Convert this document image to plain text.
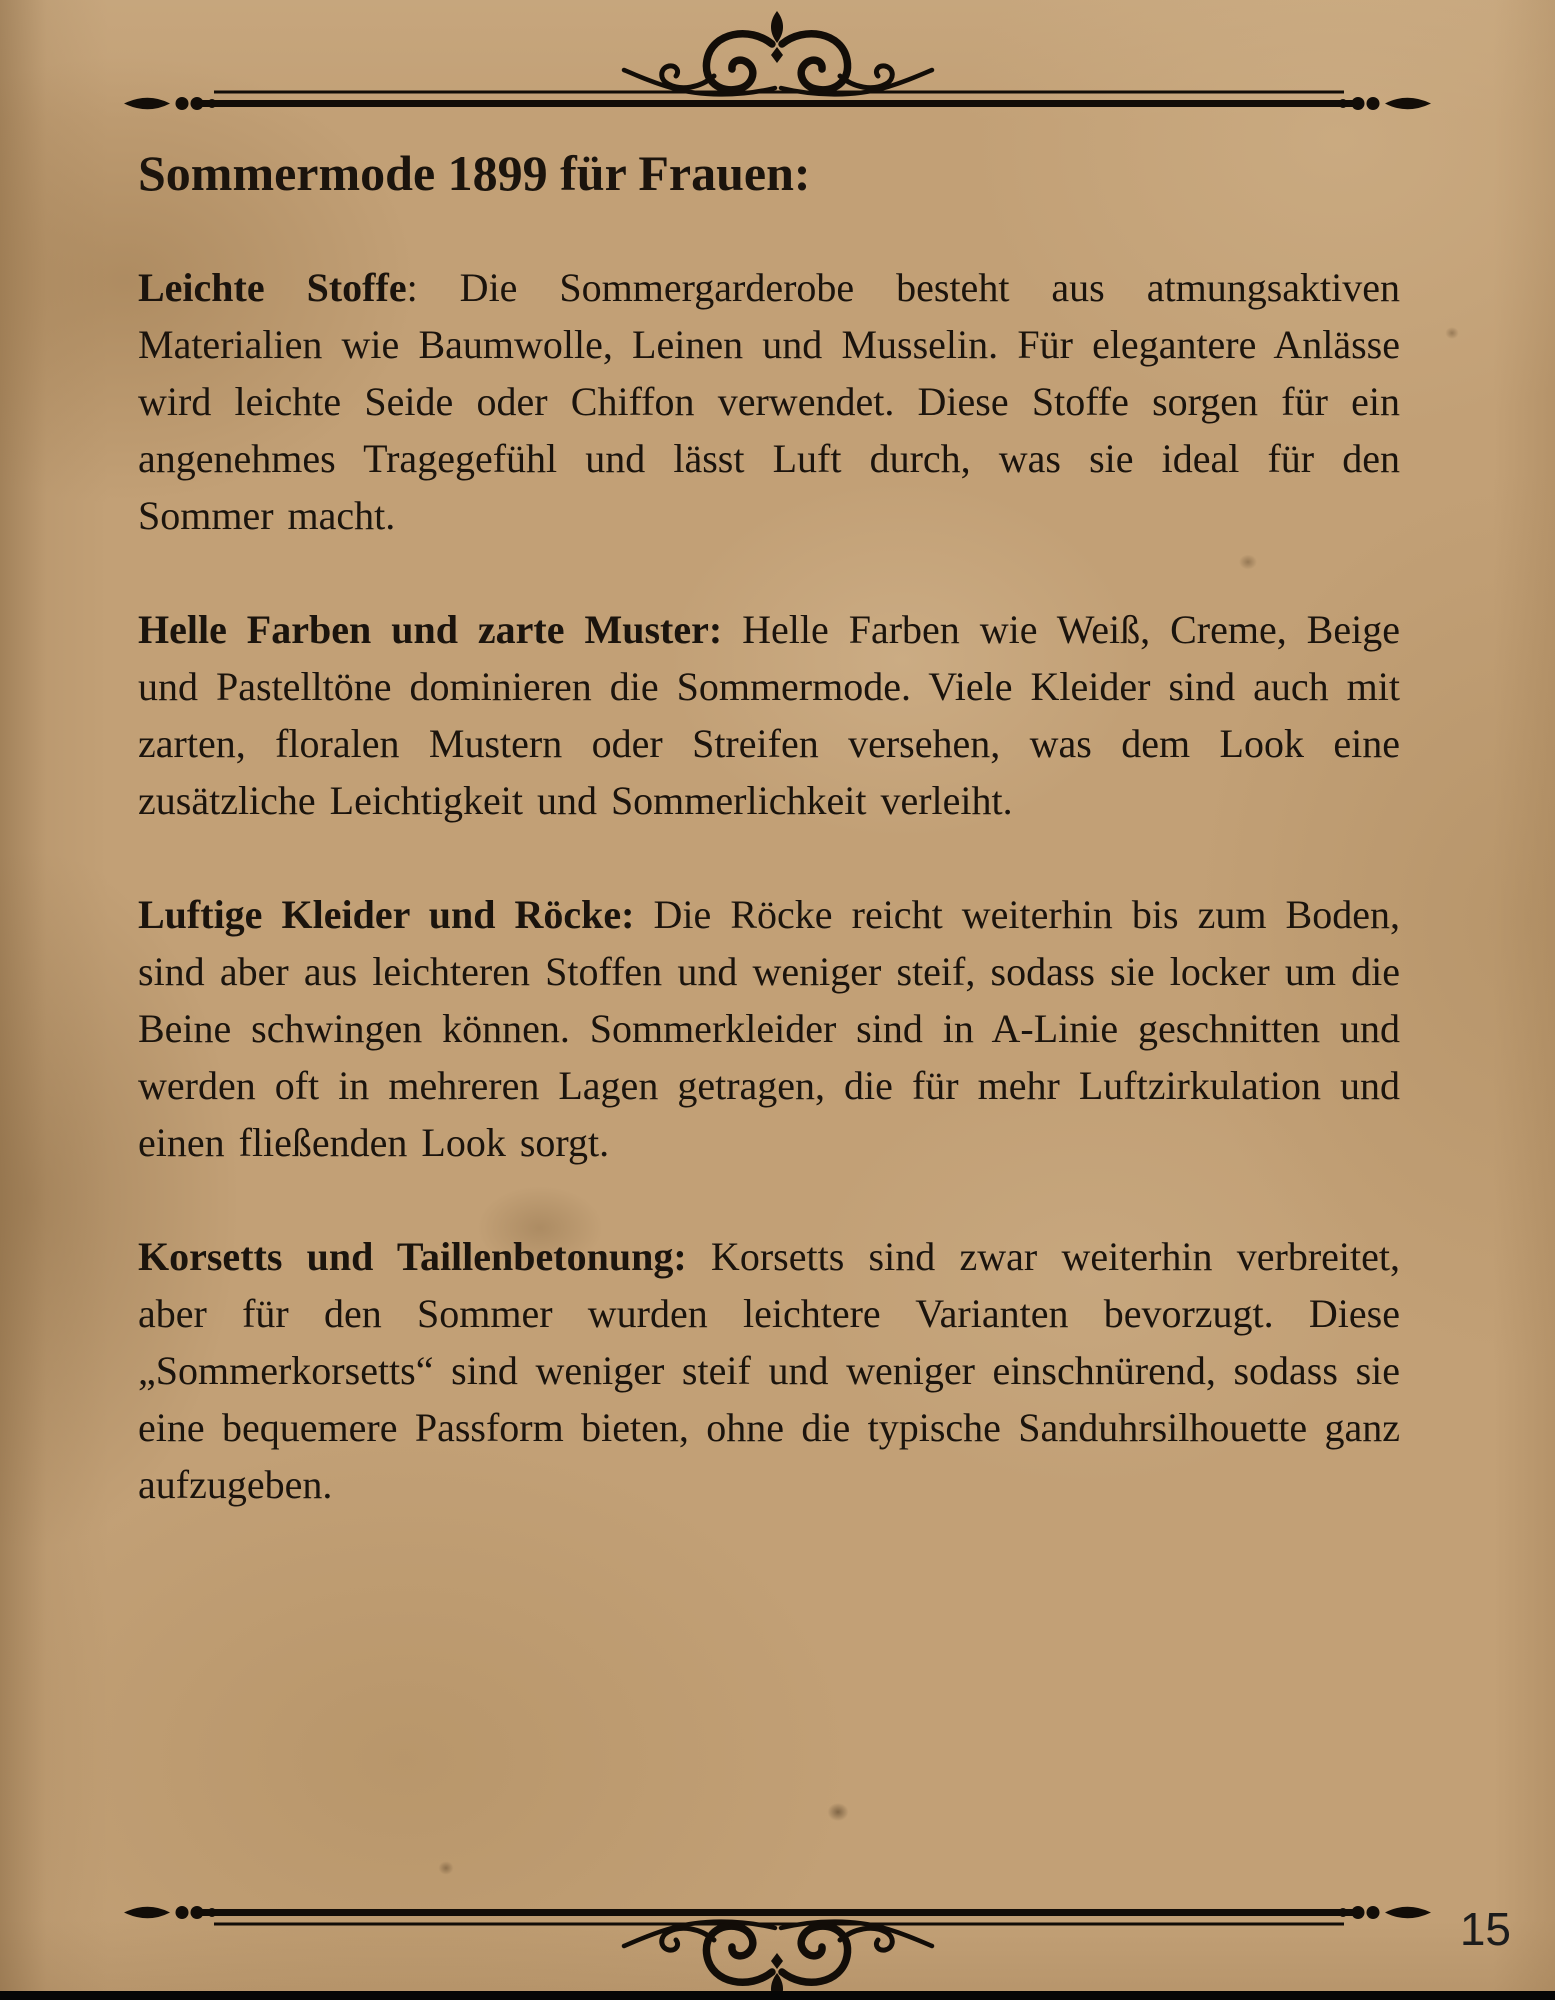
Sommermode 1899 für Frauen:

Leichte Stoffe: Die Sommergarderobe besteht aus atmungsaktiven Materialien wie Baumwolle, Leinen und Musselin. Für elegantere Anlässe wird leichte Seide oder Chiffon verwendet. Diese Stoffe sorgen für ein angenehmes Tragegefühl und lässt Luft durch, was sie ideal für den Sommer macht.

Helle Farben und zarte Muster: Helle Farben wie Weiß, Creme, Beige und Pastelltöne dominieren die Sommermode. Viele Kleider sind auch mit zarten, floralen Mustern oder Streifen versehen, was dem Look eine zusätzliche Leichtigkeit und Sommerlichkeit verleiht.

Luftige Kleider und Röcke: Die Röcke reicht weiterhin bis zum Boden, sind aber aus leichteren Stoffen und weniger steif, sodass sie locker um die Beine schwingen können. Sommerkleider sind in A-Linie geschnitten und werden oft in mehreren Lagen getragen, die für mehr Luftzirkulation und einen fließenden Look sorgt.

Korsetts und Taillenbetonung: Korsetts sind zwar weiterhin verbreitet, aber für den Sommer wurden leichtere Varianten bevorzugt. Diese „Sommerkorsetts“ sind weniger steif und weniger einschnürend, sodass sie eine bequemere Passform bieten, ohne die typische Sanduhrsilhouette ganz aufzugeben.

15
